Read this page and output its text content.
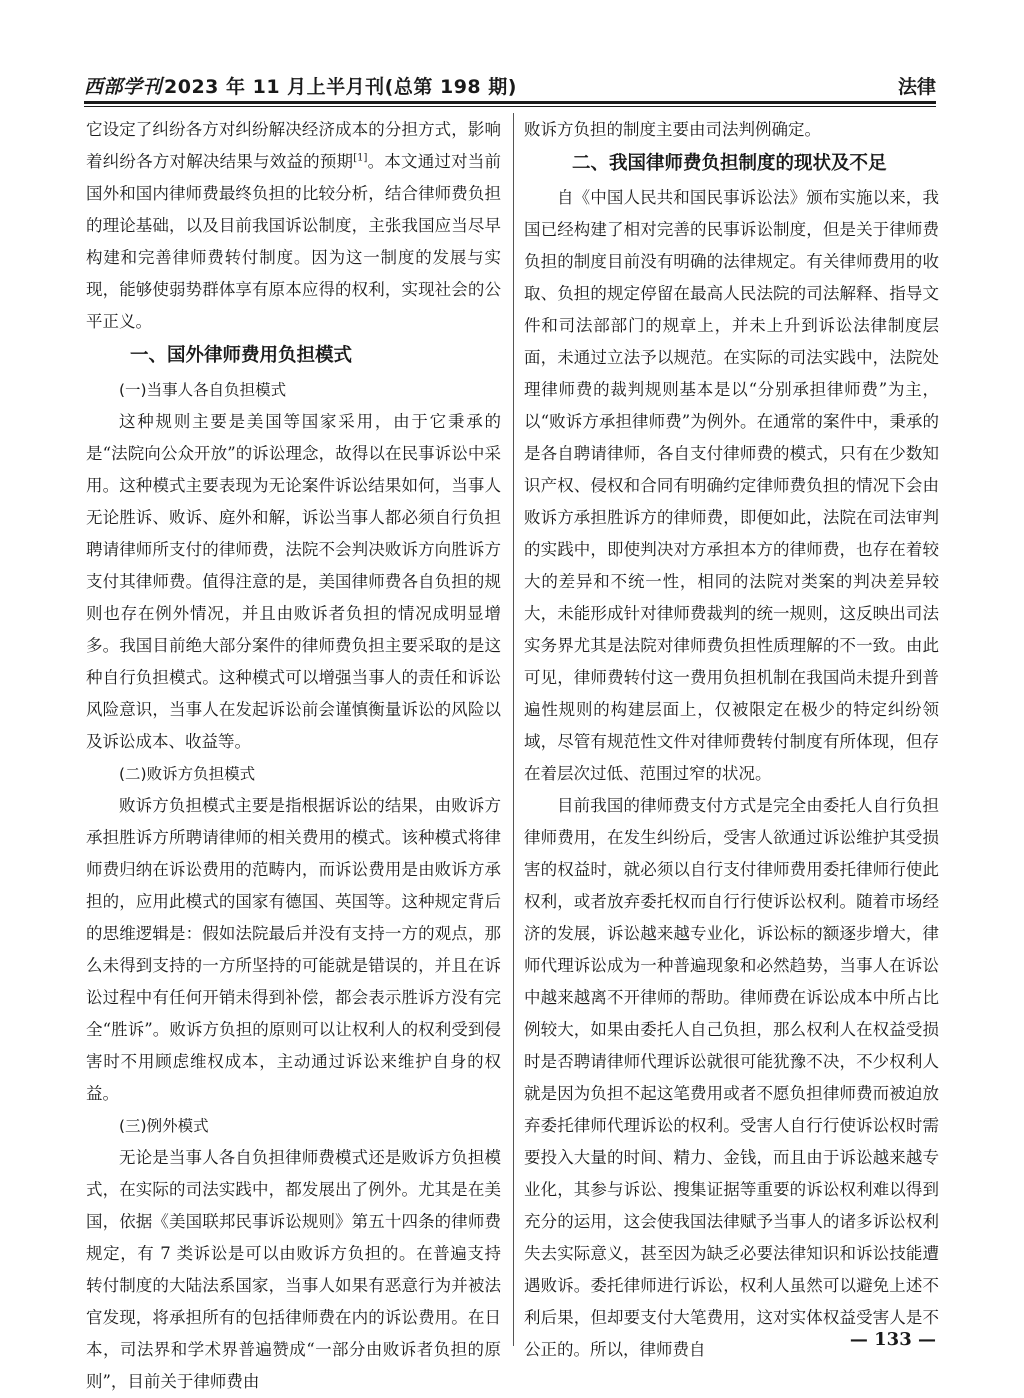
西部学刊 2023 年 11 月上半月刊(总第 198 期)	法律

它设定了纠纷各方对纠纷解决经济成本的分担方式，影响着纠纷各方对解决结果与效益的预期[1]。本文通过对当前国外和国内律师费最终负担的比较分析，结合律师费负担的理论基础，以及目前我国诉讼制度，主张我国应当尽早构建和完善律师费转付制度。因为这一制度的发展与实现，能够使弱势群体享有原本应得的权利，实现社会的公平正义。

一、国外律师费用负担模式
(一)当事人各自负担模式

这种规则主要是美国等国家采用，由于它秉承的是“法院向公众开放”的诉讼理念，故得以在民事诉讼中采用。这种模式主要表现为无论案件诉讼结果如何，当事人无论胜诉、败诉、庭外和解，诉讼当事人都必须自行负担聘请律师所支付的律师费，法院不会判决败诉方向胜诉方支付其律师费。值得注意的是，美国律师费各自负担的规则也存在例外情况，并且由败诉者负担的情况成明显增多。我国目前绝大部分案件的律师费负担主要采取的是这种自行负担模式。这种模式可以增强当事人的责任和诉讼风险意识，当事人在发起诉讼前会谨慎衡量诉讼的风险以及诉讼成本、收益等。

(二)败诉方负担模式

败诉方负担模式主要是指根据诉讼的结果，由败诉方承担胜诉方所聘请律师的相关费用的模式。该种模式将律师费归纳在诉讼费用的范畴内，而诉讼费用是由败诉方承担的，应用此模式的国家有德国、英国等。这种规定背后的思维逻辑是：假如法院最后并没有支持一方的观点，那么未得到支持的一方所坚持的可能就是错误的，并且在诉讼过程中有任何开销未得到补偿，都会表示胜诉方没有完全“胜诉”。败诉方负担的原则可以让权利人的权利受到侵害时不用顾虑维权成本，主动通过诉讼来维护自身的权益。

(三)例外模式

无论是当事人各自负担律师费模式还是败诉方负担模式，在实际的司法实践中，都发展出了例外。尤其是在美国，依据《美国联邦民事诉讼规则》第五十四条的律师费规定，有 7 类诉讼是可以由败诉方负担的。在普遍支持转付制度的大陆法系国家，当事人如果有恶意行为并被法官发现，将承担所有的包括律师费在内的诉讼费用。在日本，司法界和学术界普遍赞成“一部分由败诉者负担的原则”，目前关于律师费由

败诉方负担的制度主要由司法判例确定。

二、我国律师费负担制度的现状及不足

自《中国人民共和国民事诉讼法》颁布实施以来，我国已经构建了相对完善的民事诉讼制度，但是关于律师费负担的制度目前没有明确的法律规定。有关律师费用的收取、负担的规定停留在最高人民法院的司法解释、指导文件和司法部部门的规章上，并未上升到诉讼法律制度层面，未通过立法予以规范。在实际的司法实践中，法院处理律师费的裁判规则基本是以“分别承担律师费”为主，以“败诉方承担律师费”为例外。在通常的案件中，秉承的是各自聘请律师，各自支付律师费的模式，只有在少数知识产权、侵权和合同有明确约定律师费负担的情况下会由败诉方承担胜诉方的律师费，即便如此，法院在司法审判的实践中，即使判决对方承担本方的律师费，也存在着较大的差异和不统一性，相同的法院对类案的判决差异较大，未能形成针对律师费裁判的统一规则，这反映出司法实务界尤其是法院对律师费负担性质理解的不一致。由此可见，律师费转付这一费用负担机制在我国尚未提升到普遍性规则的构建层面上，仅被限定在极少的特定纠纷领域，尽管有规范性文件对律师费转付制度有所体现，但存在着层次过低、范围过窄的状况。

目前我国的律师费支付方式是完全由委托人自行负担律师费用，在发生纠纷后，受害人欲通过诉讼维护其受损害的权益时，就必须以自行支付律师费用委托律师行使此权利，或者放弃委托权而自行行使诉讼权利。随着市场经济的发展，诉讼越来越专业化，诉讼标的额逐步增大，律师代理诉讼成为一种普遍现象和必然趋势，当事人在诉讼中越来越离不开律师的帮助。律师费在诉讼成本中所占比例较大，如果由委托人自己负担，那么权利人在权益受损时是否聘请律师代理诉讼就很可能犹豫不决，不少权利人就是因为负担不起这笔费用或者不愿负担律师费而被迫放弃委托律师代理诉讼的权利。受害人自行行使诉讼权时需要投入大量的时间、精力、金钱，而且由于诉讼越来越专业化，其参与诉讼、搜集证据等重要的诉讼权利难以得到充分的运用，这会使我国法律赋予当事人的诸多诉讼权利失去实际意义，甚至因为缺乏必要法律知识和诉讼技能遭遇败诉。委托律师进行诉讼，权利人虽然可以避免上述不利后果，但却要支付大笔费用，这对实体权益受害人是不公正的。所以，律师费自	— 133 —
